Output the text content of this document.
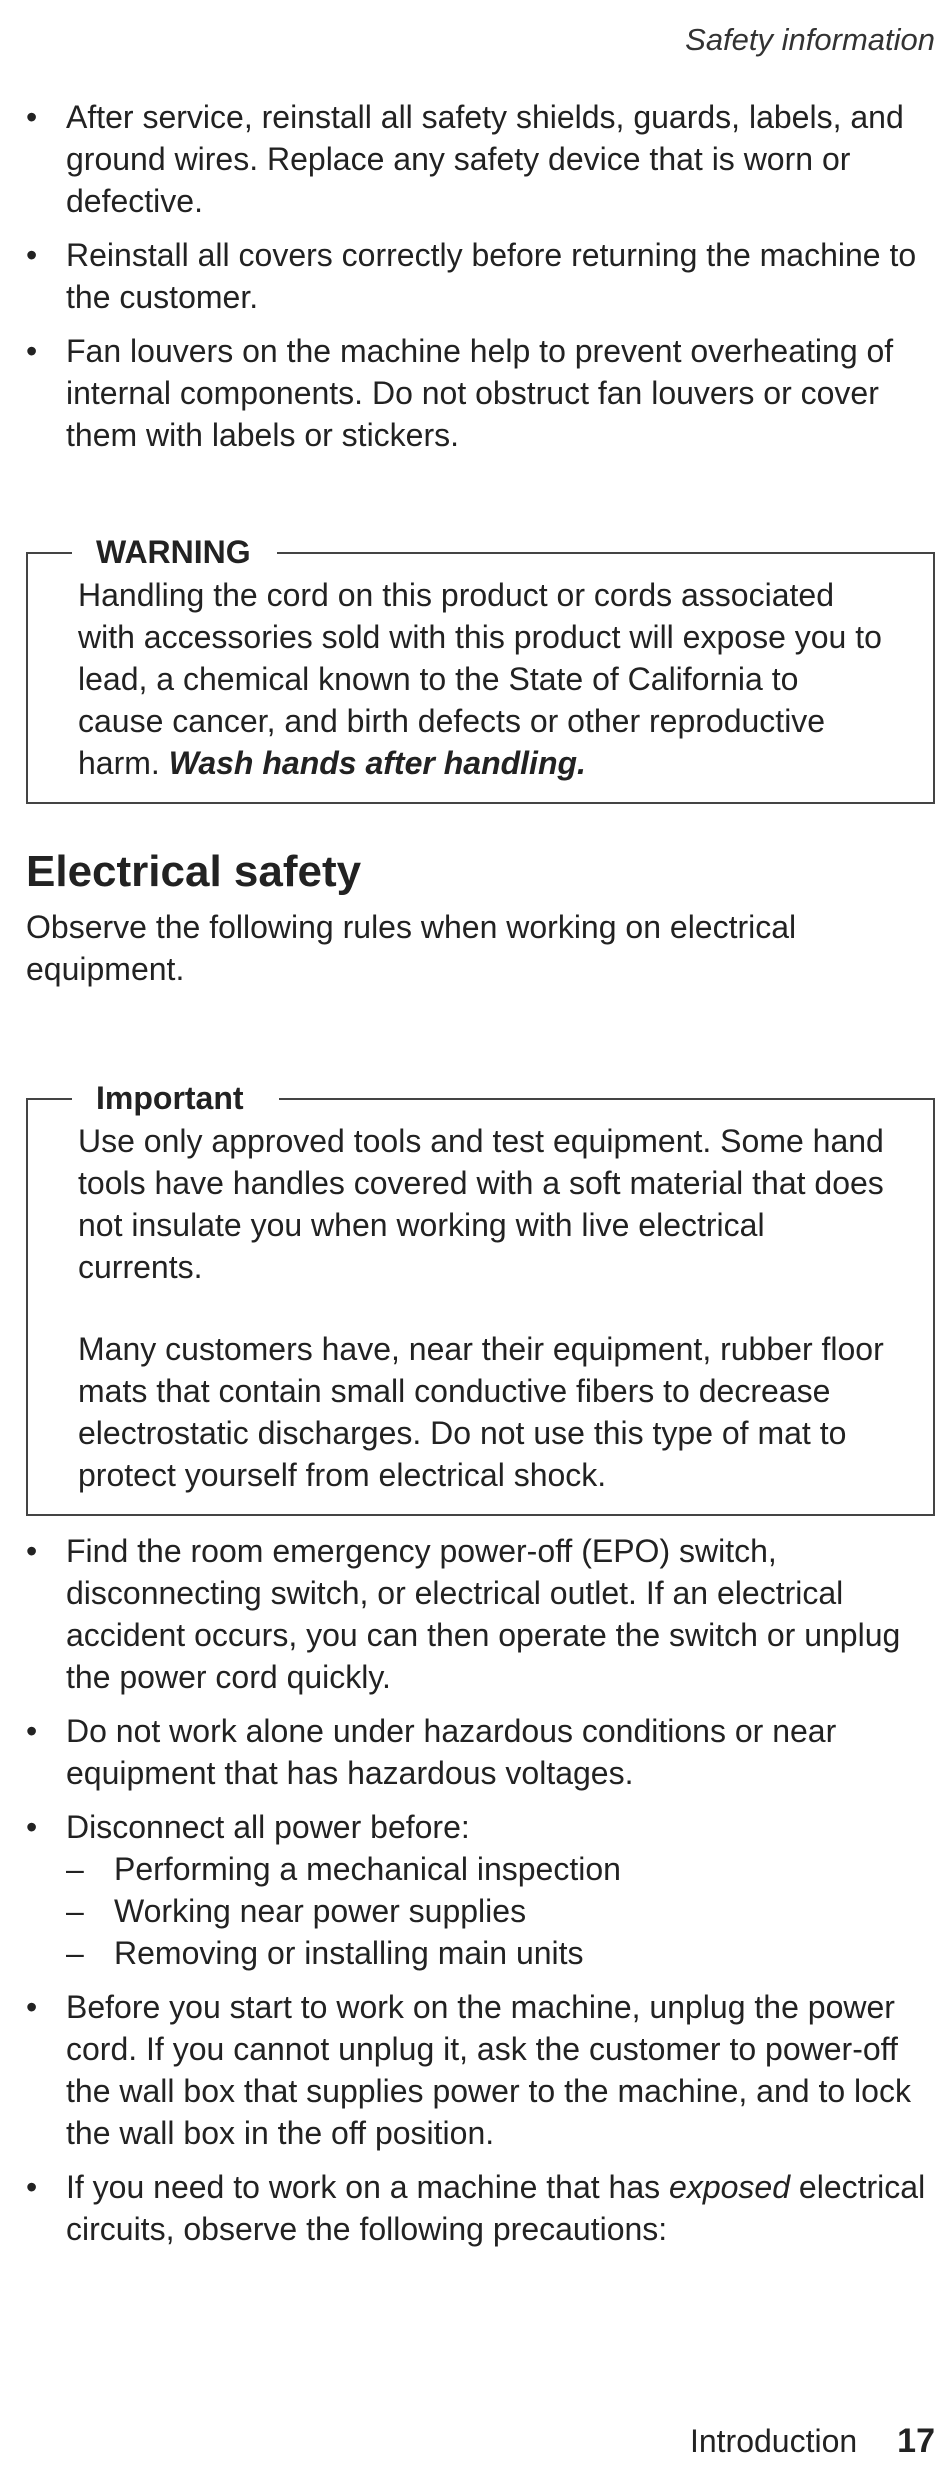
Safety information
• After service, reinstall all safety shields, guards, labels, and ground wires. Replace any safety device that is worn or defective.
• Reinstall all covers correctly before returning the machine to the customer.
• Fan louvers on the machine help to prevent overheating of internal components. Do not obstruct fan louvers or cover them with labels or stickers.
WARNING

Handling the cord on this product or cords associated with accessories sold with this product will expose you to lead, a chemical known to the State of California to cause cancer, and birth defects or other reproductive harm. Wash hands after handling.

Electrical safety

Observe the following rules when working on electrical equipment.

Important

Use only approved tools and test equipment. Some hand tools have handles covered with a soft material that does not insulate you when working with live electrical currents.

Many customers have, near their equipment, rubber floor mats that contain small conductive fibers to decrease electrostatic discharges. Do not use this type of mat to protect yourself from electrical shock.

• Find the room emergency power-off (EPO) switch, disconnecting switch, or electrical outlet. If an electrical accident occurs, you can then operate the switch or unplug the power cord quickly.
• Do not work alone under hazardous conditions or near equipment that has hazardous voltages.
• Disconnect all power before:
– Performing a mechanical inspection
– Working near power supplies
– Removing or installing main units
• Before you start to work on the machine, unplug the power cord. If you cannot unplug it, ask the customer to power-off the wall box that supplies power to the machine, and to lock the wall box in the off position.
• If you need to work on a machine that has exposed electrical circuits, observe the following precautions:
Introduction 17
